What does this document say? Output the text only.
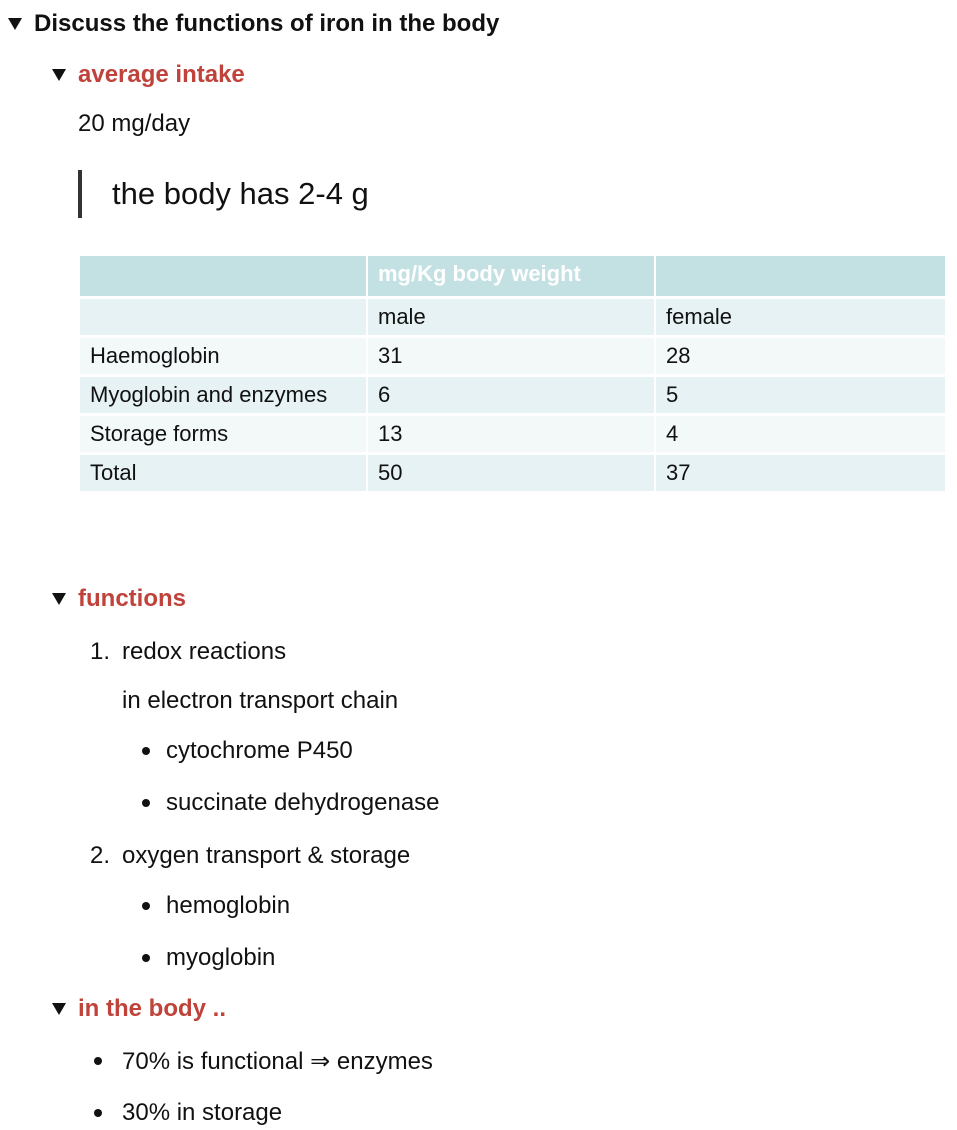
Discuss the functions of iron in the body
average intake
20 mg/day
the body has 2-4 g
	mg/Kg body weight	
	male	female
Haemoglobin	31	28
Myoglobin and enzymes	6	5
Storage forms	13	4
Total	50	37
functions
1. redox reactions
in electron transport chain
cytochrome P450
succinate dehydrogenase
2. oxygen transport & storage
hemoglobin
myoglobin
in the body ..
70% is functional ⇒ enzymes
30% in storage
